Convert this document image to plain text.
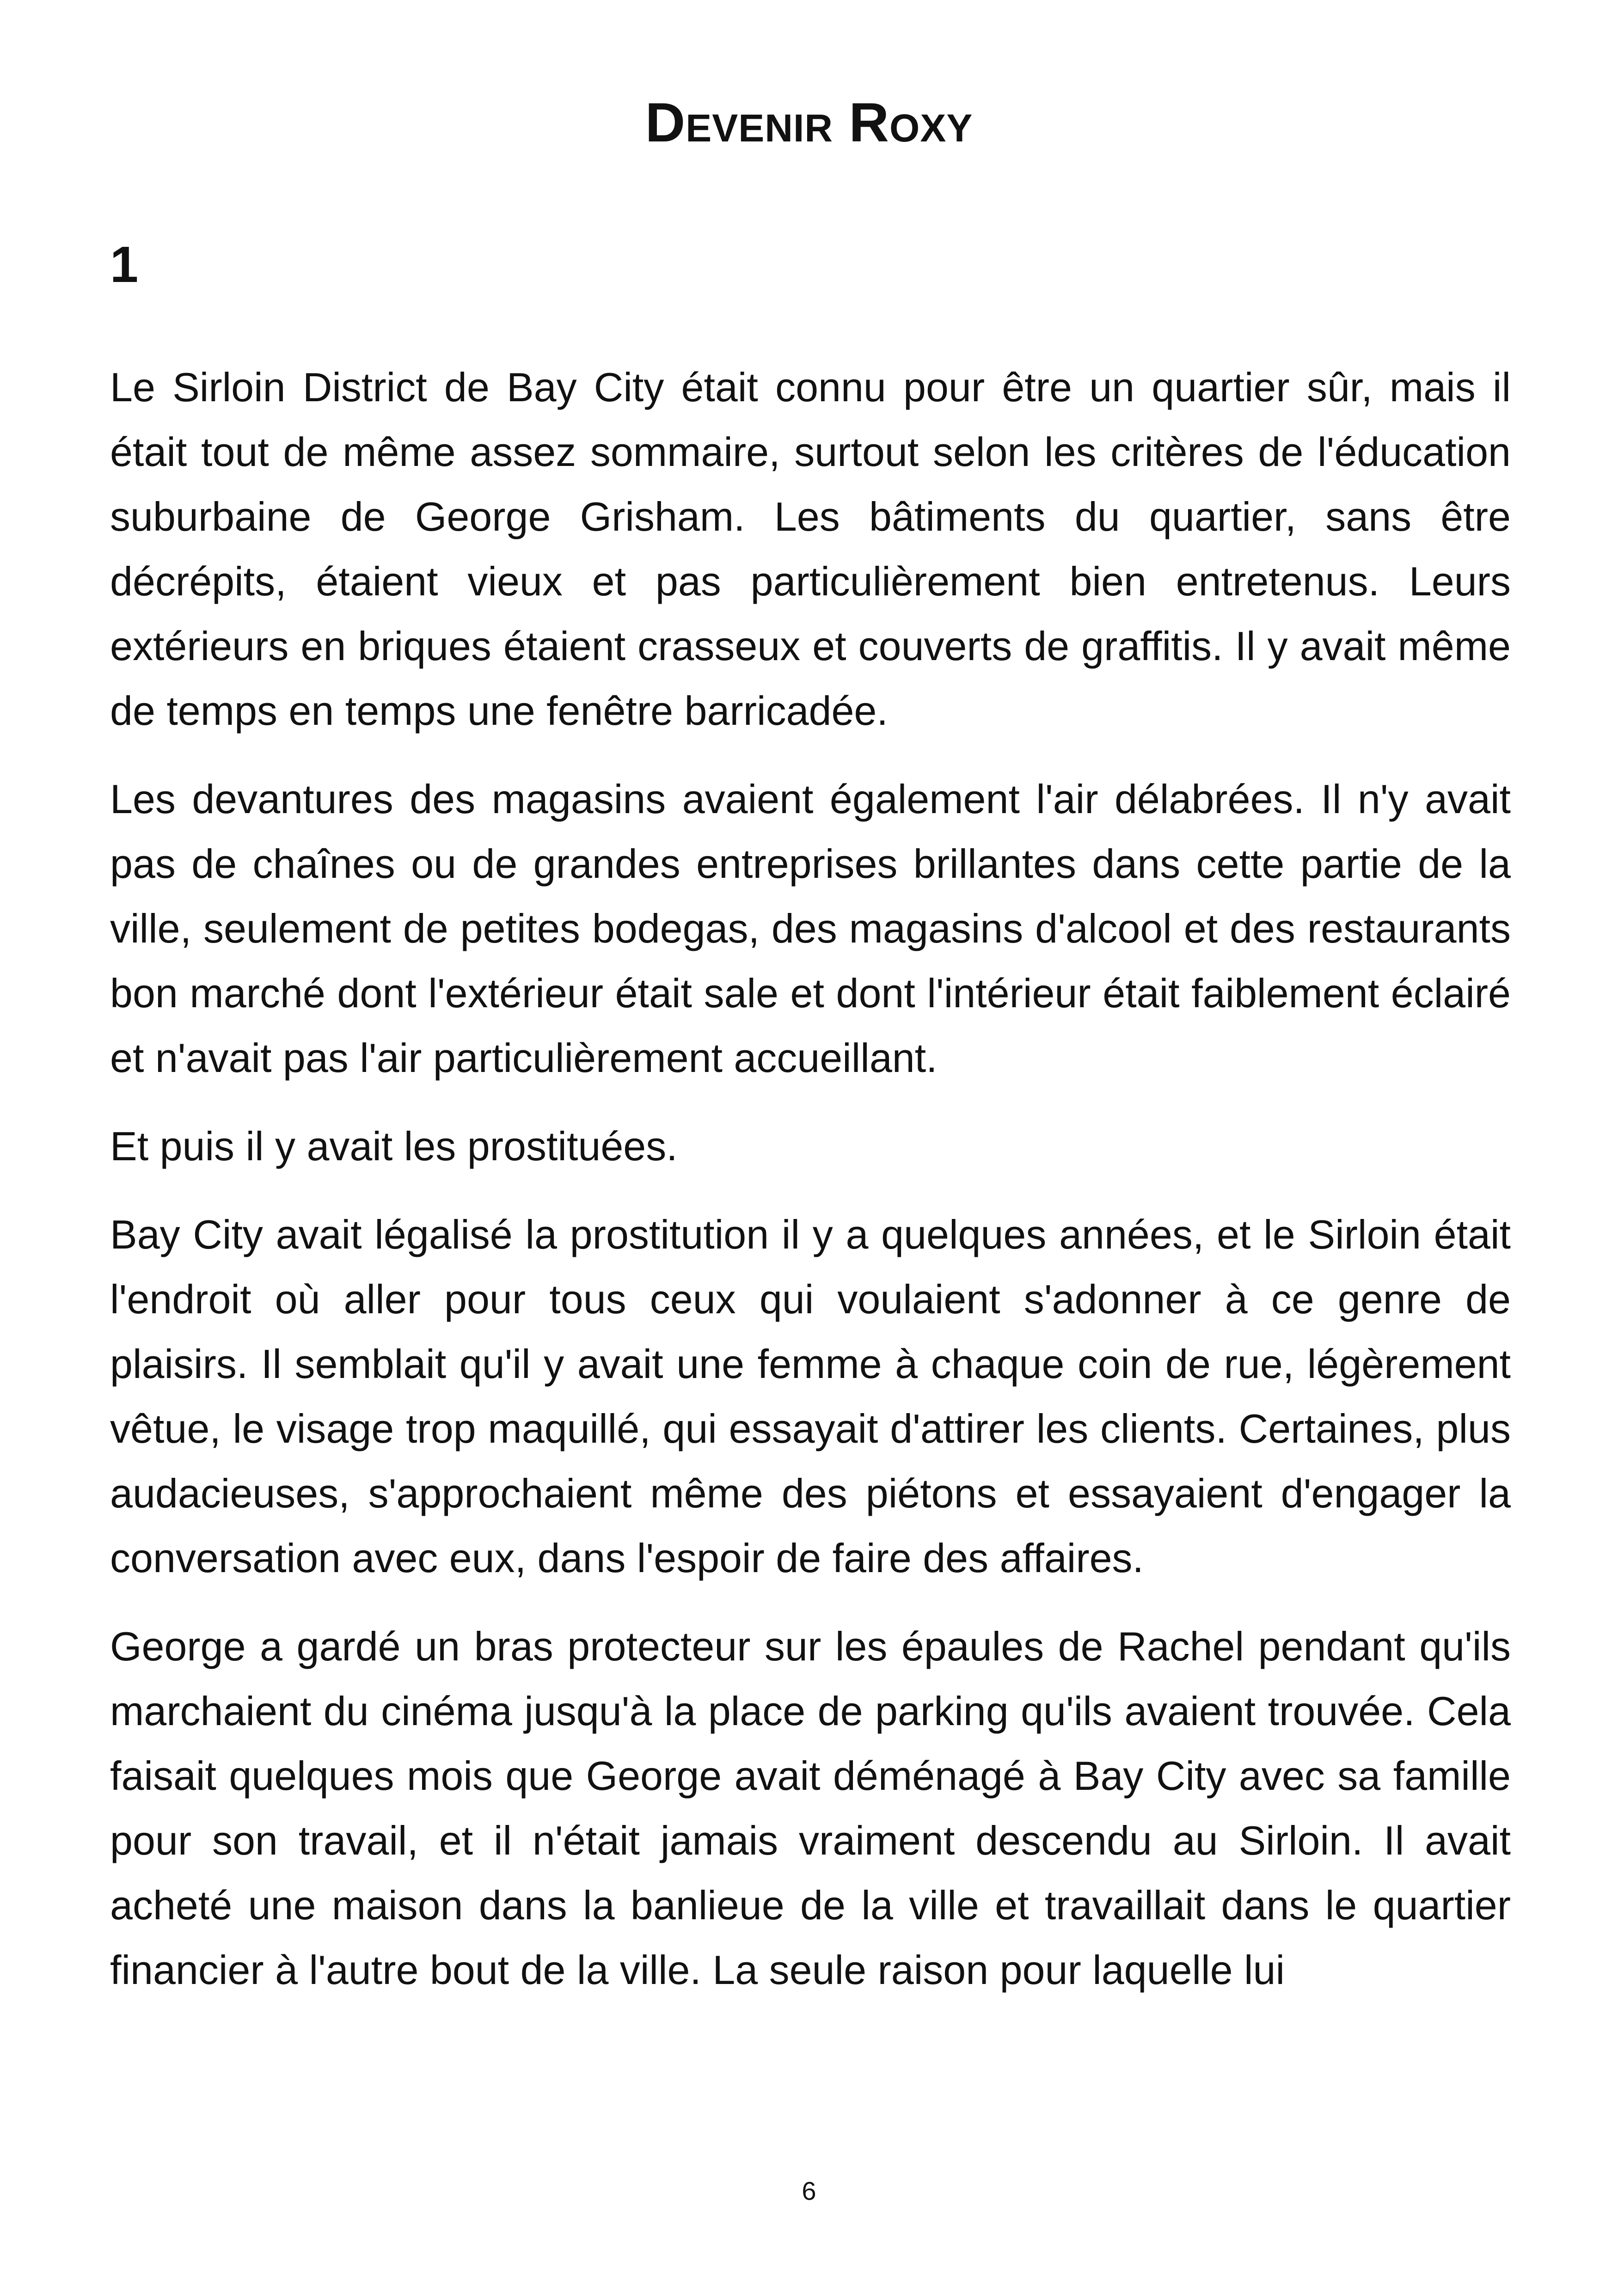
Devenir Roxy
1

Le Sirloin District de Bay City était connu pour être un quartier sûr, mais il était tout de même assez sommaire, surtout selon les critères de l'éducation suburbaine de George Grisham. Les bâtiments du quartier, sans être décrépits, étaient vieux et pas particulièrement bien entretenus. Leurs extérieurs en briques étaient crasseux et couverts de graffitis. Il y avait même de temps en temps une fenêtre barricadée.

Les devantures des magasins avaient également l'air délabrées. Il n'y avait pas de chaînes ou de grandes entreprises brillantes dans cette partie de la ville, seulement de petites bodegas, des magasins d'alcool et des restaurants bon marché dont l'extérieur était sale et dont l'intérieur était faiblement éclairé et n'avait pas l'air particulièrement accueillant.

Et puis il y avait les prostituées.

Bay City avait légalisé la prostitution il y a quelques années, et le Sirloin était l'endroit où aller pour tous ceux qui voulaient s'adonner à ce genre de plaisirs. Il semblait qu'il y avait une femme à chaque coin de rue, légèrement vêtue, le visage trop maquillé, qui essayait d'attirer les clients. Certaines, plus audacieuses, s'approchaient même des piétons et essayaient d'engager la conversation avec eux, dans l'espoir de faire des affaires.

George a gardé un bras protecteur sur les épaules de Rachel pendant qu'ils marchaient du cinéma jusqu'à la place de parking qu'ils avaient trouvée. Cela faisait quelques mois que George avait déménagé à Bay City avec sa famille pour son travail, et il n'était jamais vraiment descendu au Sirloin. Il avait acheté une maison dans la banlieue de la ville et travaillait dans le quartier financier à l'autre bout de la ville. La seule raison pour laquelle lui

6
